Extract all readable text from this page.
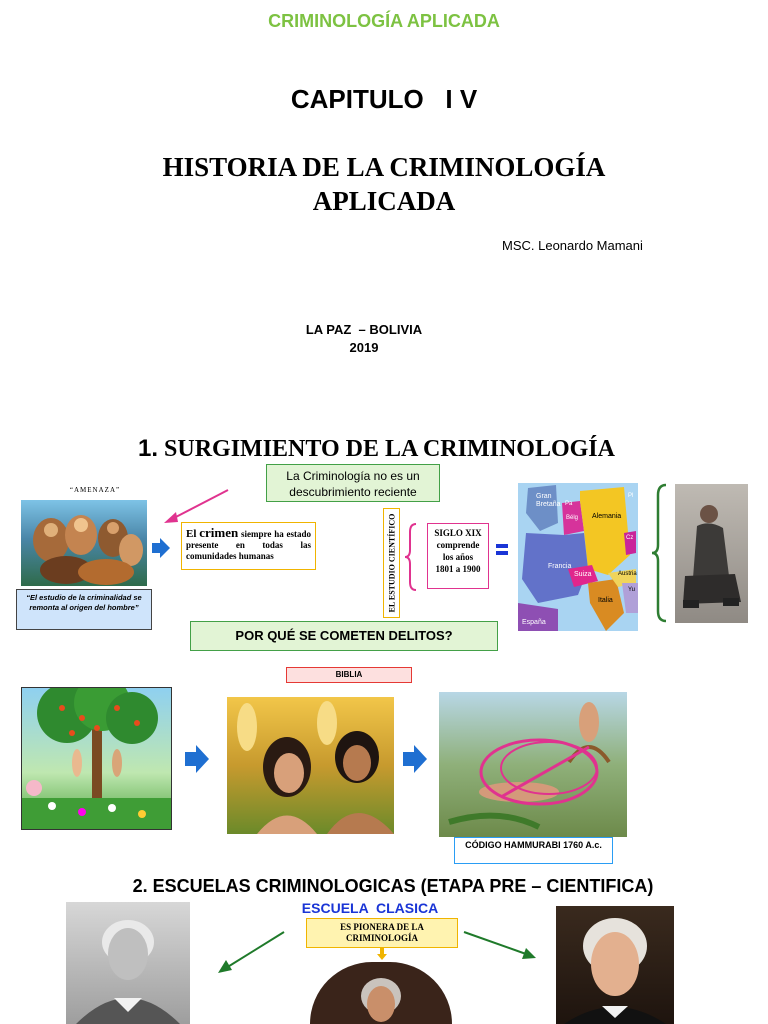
CRIMINOLOGÍA APLICADA
CAPITULO   I V
HISTORIA DE LA CRIMINOLOGÍA
APLICADA
MSC. Leonardo Mamani
LA PAZ  – BOLIVIA
2019
1. SURGIMIENTO DE LA CRIMINOLOGÍA
“AMENAZA”
“El estudio de la criminalidad se remonta al origen del hombre”
La Criminología no es un descubrimiento reciente
El crimen siempre ha estado presente en todas las comunidades humanas	EL ESTUDIO CIENTÍFICO	SIGLO XIX comprende los años 1801 a 1900
Gran Bretaña Pa
Bélg Alemania
Francia
Suiza
Italia
Austria
España
Cz
Pl
Yu
POR QUÉ SE COMETEN DELITOS?
BIBLIA
CÓDIGO HAMMURABI 1760 A.c.
2. ESCUELAS CRIMINOLOGICAS (ETAPA PRE – CIENTIFICA)
ESCUELA  CLASICA
ES PIONERA DE LA CRIMINOLOGÍA
